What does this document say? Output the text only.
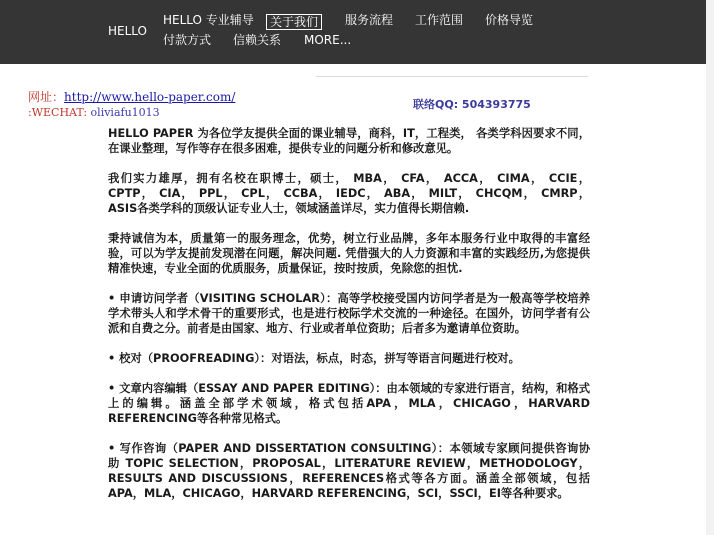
HELLO
HELLO 专业辅导	关于我们	服务流程 工作范围 价格导览
付款方式 信赖关系 MORE...
网址：http://www.hello-paper.com/
:WECHAT: oliviafu1013
联络QQ: 504393775

HELLO PAPER 为各位学友提供全面的课业辅导，商科，IT，工程类， 各类学科因要求不同，在课业整理，写作等存在很多困难，提供专业的问题分析和修改意见。

我们实力雄厚，拥有名校在职博士，硕士， MBA， CFA， ACCA， CIMA， CCIE， CPTP， CIA， PPL， CPL， CCBA， IEDC， ABA， MILT， CHCQM， CMRP， ASIS各类学科的顶级认证专业人士，领域涵盖详尽，实力值得长期信赖.

秉持诚信为本，质量第一的服务理念，优势，树立行业品牌，多年本服务行业中取得的丰富经验，可以为学友提前发现潜在问题，解决问题. 凭借强大的人力资源和丰富的实践经历,为您提供精准快速，专业全面的优质服务，质量保证，按时按质，免除您的担忧.

• 申请访问学者（VISITING SCHOLAR）：高等学校接受国内访问学者是为一般高等学校培养学术带头人和学术骨干的重要形式，也是进行校际学术交流的一种途径。在国外，访问学者有公派和自费之分。前者是由国家、地方、行业或者单位资助；后者多为邀请单位资助。

• 校对（PROOFREADING）：对语法，标点，时态，拼写等语言问题进行校对。

• 文章内容编辑（ESSAY AND PAPER EDITING）：由本领域的专家进行语言，结构，和格式上的编辑。涵盖全部学术领域，格式包括APA，MLA，CHICAGO，HARVARD REFERENCING等各种常见格式。

• 写作咨询（PAPER AND DISSERTATION CONSULTING）：本领域专家顾问提供咨询协助 TOPIC SELECTION，PROPOSAL，LITERATURE REVIEW，METHODOLOGY，RESULTS AND DISCUSSIONS，REFERENCES格式等各方面。涵盖全部领域，包括APA，MLA，CHICAGO，HARVARD REFERENCING，SCI，SSCI，EI等各种要求。
